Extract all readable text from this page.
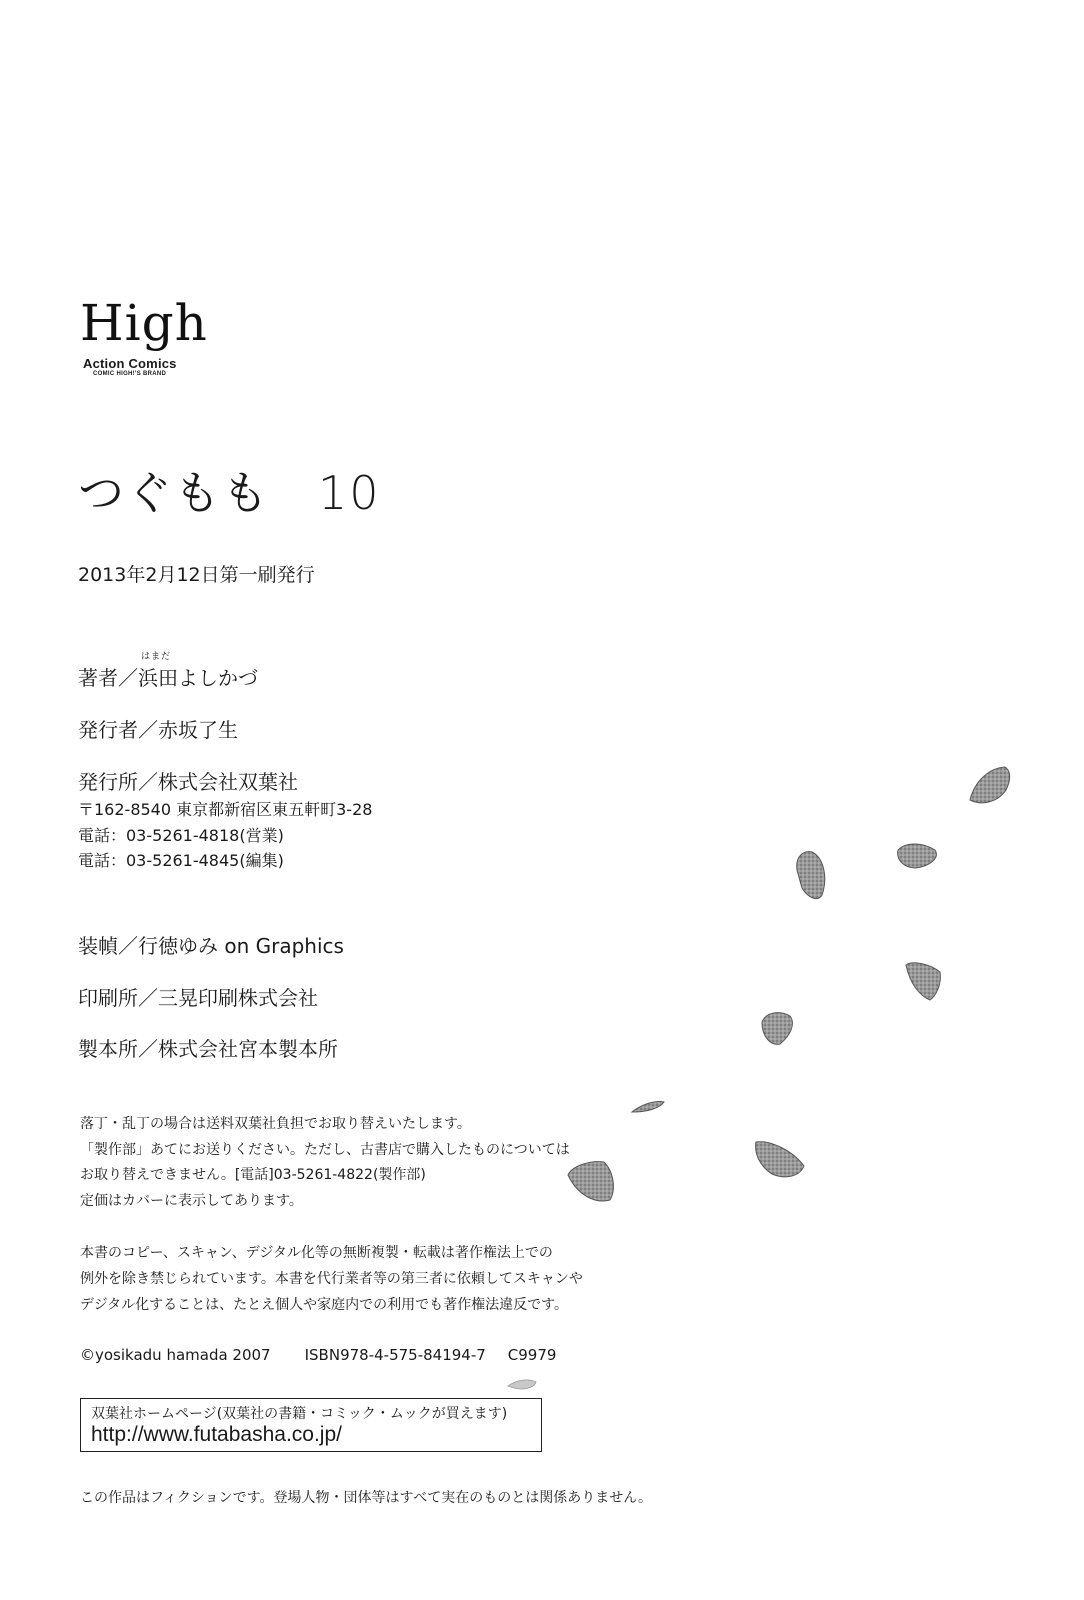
High
Action Comics
COMIC HIGH!'S BRAND
つぐもも 10
2013年2月12日第一刷発行
著者／
はまだ
浜田よしかづ
発行者／赤坂了生
発行所／株式会社双葉社
〒162-8540 東京都新宿区東五軒町3-28
電話：03-5261-4818(営業)
電話：03-5261-4845(編集)
装幀／行徳ゆみ on Graphics
印刷所／三晃印刷株式会社
製本所／株式会社宮本製本所
落丁・乱丁の場合は送料双葉社負担でお取り替えいたします。
「製作部」あてにお送りください。ただし、古書店で購入したものについては
お取り替えできません。[電話]03-5261-4822(製作部)
定価はカバーに表示してあります。
本書のコピー、スキャン、デジタル化等の無断複製・転載は著作権法上での
例外を除き禁じられています。本書を代行業者等の第三者に依頼してスキャンや
デジタル化することは、たとえ個人や家庭内での利用でも著作権法違反です。
©yosikadu hamada 2007 ISBN978-4-575-84194-7 C9979
双葉社ホームページ(双葉社の書籍・コミック・ムックが買えます)
http://www.futabasha.co.jp/
この作品はフィクションです。登場人物・団体等はすべて実在のものとは関係ありません。
